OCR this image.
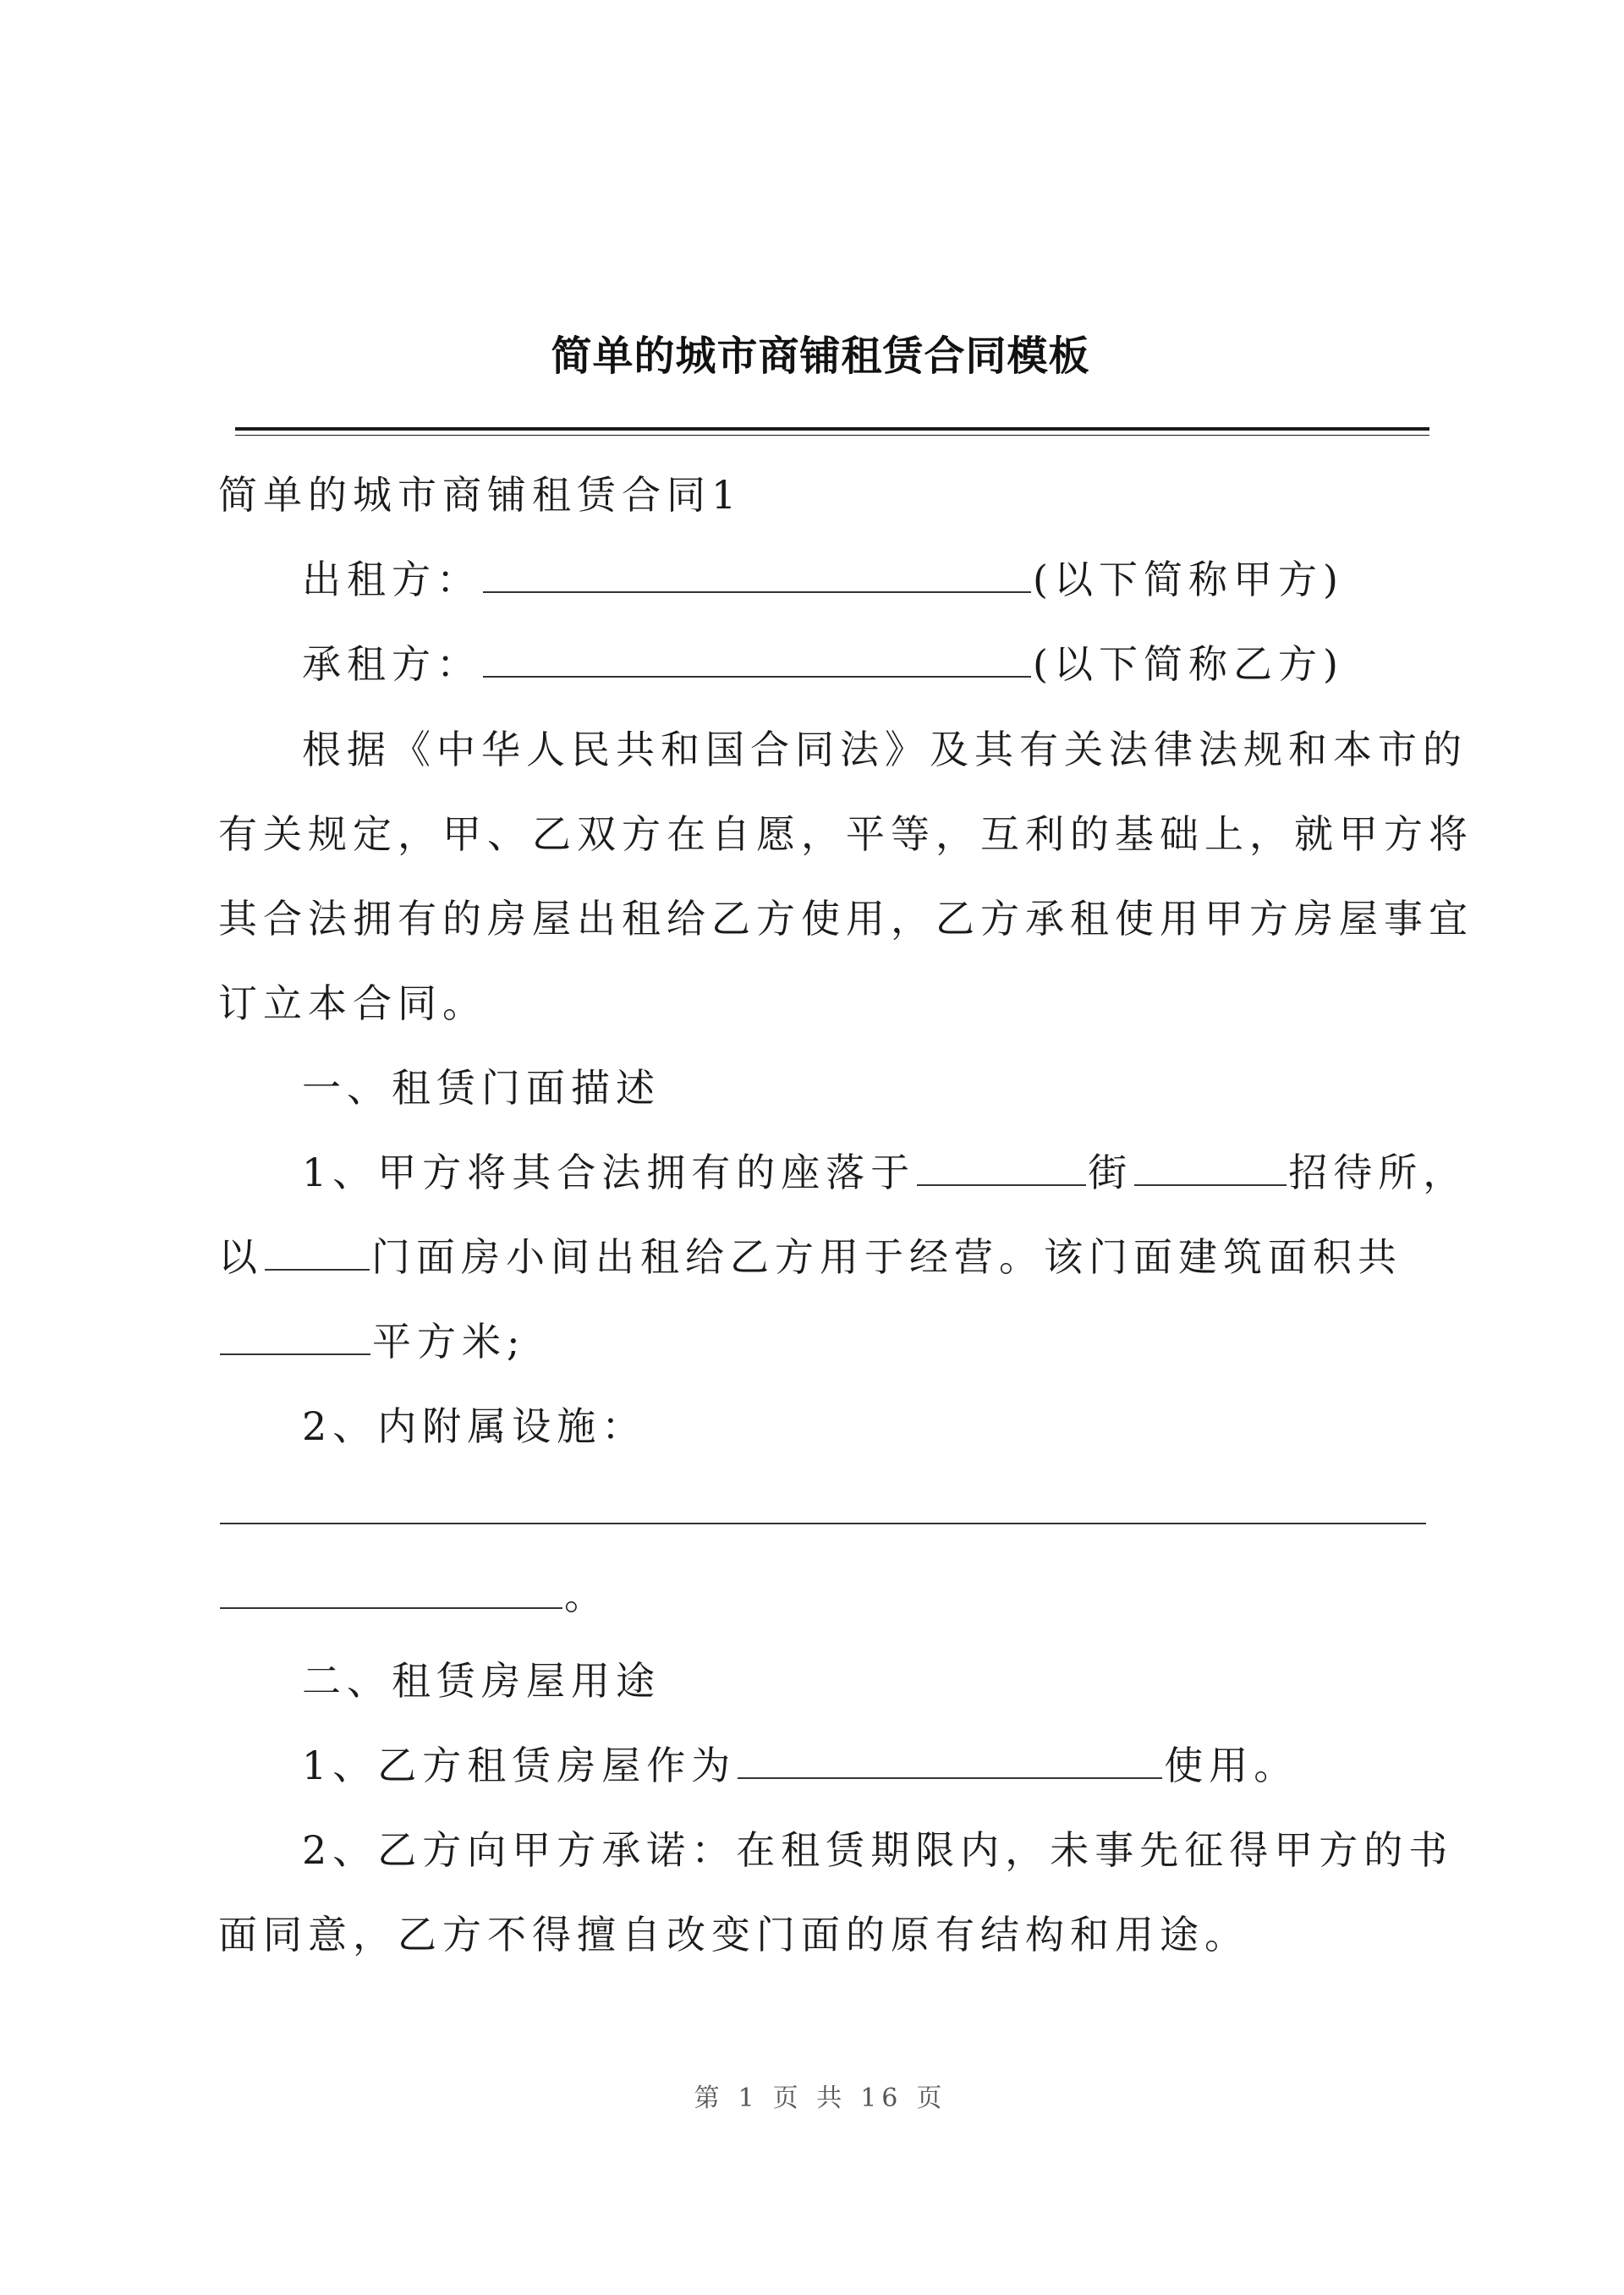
简单的城市商铺租赁合同模板
简单的城市商铺租赁合同1
出租方：	(以下简称甲方)
承租方：	(以下简称乙方)
根据《中华人民共和国合同法》及其有关法律法规和本市的
有关规定，甲、乙双方在自愿，平等，互利的基础上，就甲方将
其合法拥有的房屋出租给乙方使用，乙方承租使用甲方房屋事宜
订立本合同。
一、租赁门面描述
1、甲方将其合法拥有的座落于	街	招待所，
以	门面房小间出租给乙方用于经营。该门面建筑面积共
平方米;
2、内附属设施：
。
二、租赁房屋用途
1、乙方租赁房屋作为	使用。
2、乙方向甲方承诺：在租赁期限内，未事先征得甲方的书
面同意，乙方不得擅自改变门面的原有结构和用途。
第 1 页 共 16 页
